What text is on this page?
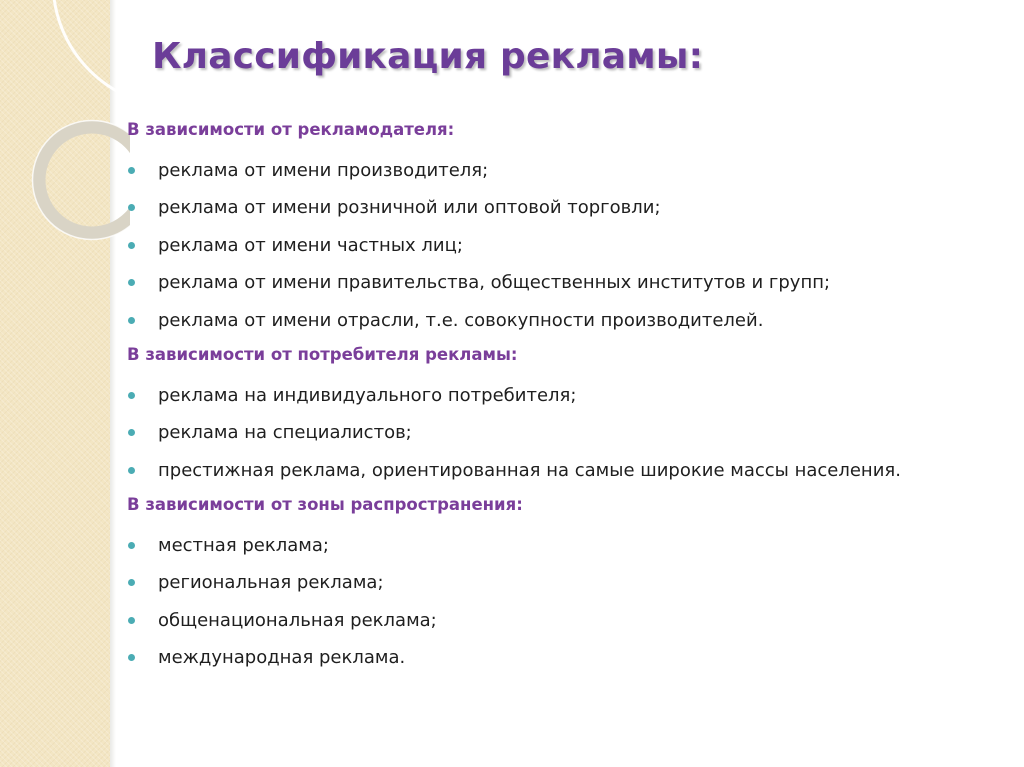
Классификация рекламы:
В зависимости от рекламодателя:
реклама от имени производителя;
реклама от имени розничной или оптовой торговли;
реклама от имени частных лиц;
реклама от имени правительства, общественных институтов и групп;
реклама от имени отрасли, т.е. совокупности производителей.
В зависимости от потребителя рекламы:
реклама на индивидуального потребителя;
реклама на специалистов;
престижная реклама, ориентированная на самые широкие массы населения.
В зависимости от зоны распространения:
местная реклама;
региональная реклама;
общенациональная реклама;
международная реклама.
